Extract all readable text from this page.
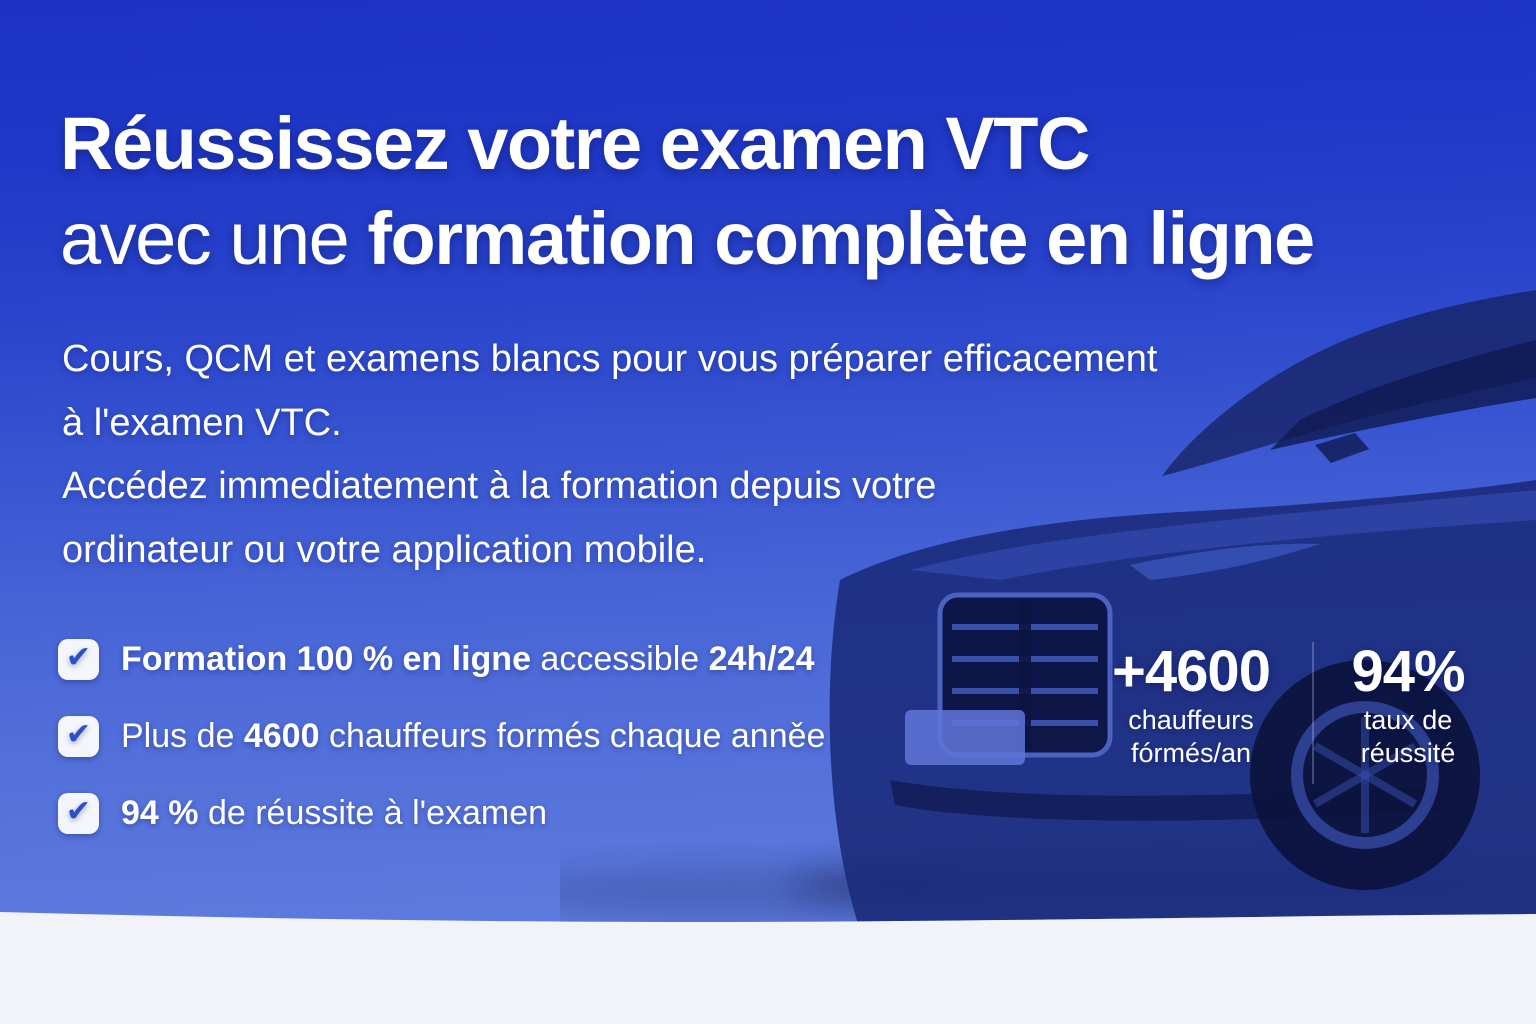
Réussissez votre examen VTC
avec une formation complète en ligne

Cours, QCM et examens blancs pour vous préparer efficacement
à l'examen VTC.
Accédez immediatement à la formation depuis votre
ordinateur ou votre application mobile.

✔ Formation 100 % en ligne accessible 24h/24
✔ Plus de 4600 chauffeurs formés chaque anněe
✔ 94 % de réussite à l'examen
+4600
chauffeurs
fórmés/an
94%
taux de
réussité
